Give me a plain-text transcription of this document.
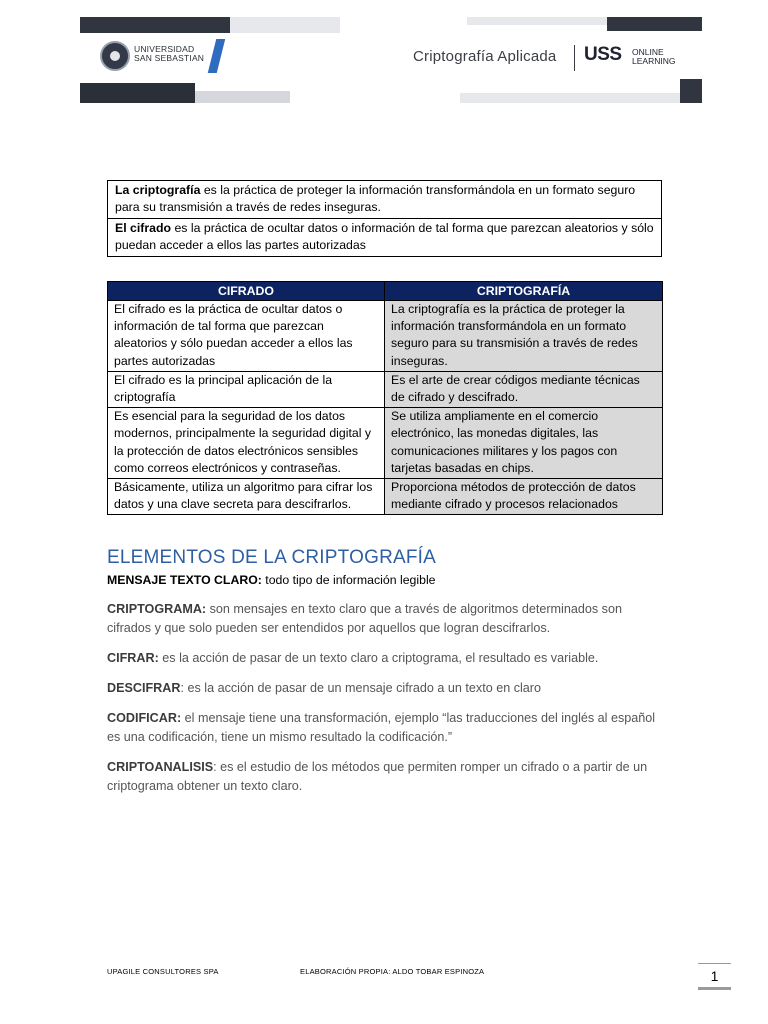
UNIVERSIDAD
SAN SEBASTIAN	Criptografía Aplicada USS ONLINE
LEARNING
La criptografía es la práctica de proteger la información transformándola en un formato seguro para su transmisión a través de redes inseguras.
El cifrado es la práctica de ocultar datos o información de tal forma que parezcan aleatorios y sólo puedan acceder a ellos las partes autorizadas
CIFRADO	CRIPTOGRAFÍA
El cifrado es la práctica de ocultar datos o información de tal forma que parezcan aleatorios y sólo puedan acceder a ellos las partes autorizadas	La criptografía es la práctica de proteger la información transformándola en un formato seguro para su transmisión a través de redes inseguras.
El cifrado es la principal aplicación de la criptografía	Es el arte de crear códigos mediante técnicas de cifrado y descifrado.
Es esencial para la seguridad de los datos modernos, principalmente la seguridad digital y la protección de datos electrónicos sensibles como correos electrónicos y contraseñas.	Se utiliza ampliamente en el comercio electrónico, las monedas digitales, las comunicaciones militares y los pagos con tarjetas basadas en chips.
Básicamente, utiliza un algoritmo para cifrar los datos y una clave secreta para descifrarlos.	Proporciona métodos de protección de datos mediante cifrado y procesos relacionados
ELEMENTOS DE LA CRIPTOGRAFÍA

MENSAJE TEXTO CLARO: todo tipo de información legible

CRIPTOGRAMA: son mensajes en texto claro que a través de algoritmos determinados son cifrados y que solo pueden ser entendidos por aquellos que logran descifrarlos.

CIFRAR: es la acción de pasar de un texto claro a criptograma, el resultado es variable.

DESCIFRAR: es la acción de pasar de un mensaje cifrado a un texto en claro

CODIFICAR: el mensaje tiene una transformación, ejemplo “las traducciones del inglés al español es una codificación, tiene un mismo resultado la codificación.”

CRIPTOANALISIS: es el estudio de los métodos que permiten romper un cifrado o a partir de un criptograma obtener un texto claro.

UPAGILE CONSULTORES SPA	ELABORACIÓN PROPIA: ALDO TOBAR ESPINOZA	1
